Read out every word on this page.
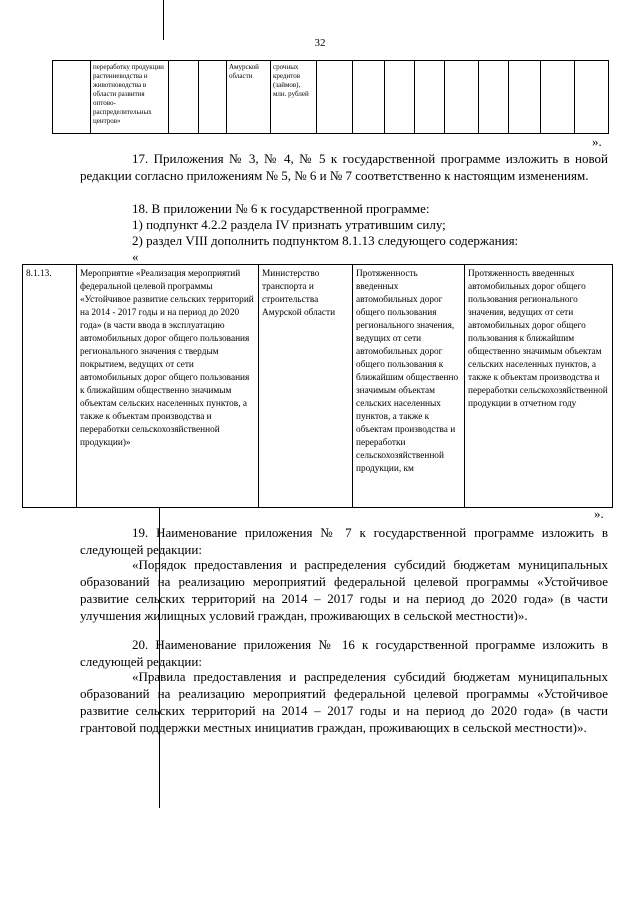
32
	переработку продукции растениеводства и животноводства в области развития оптово-распределительных центров»			Амурской области	срочных кредитов (займов), млн. рублей									
».
17. Приложения № 3, № 4, № 5 к государственной программе изложить в новой редакции согласно приложениям № 5, № 6 и № 7 соответственно к настоящим изменениям.
18. В приложении № 6 к государственной программе:
1) подпункт 4.2.2 раздела IV признать утратившим силу;
2) раздел VIII дополнить подпунктом 8.1.13 следующего содержания:
«
8.1.13.	Мероприятие «Реализация мероприятий федеральной целевой программы «Устойчивое развитие сельских территорий на 2014 - 2017 годы и на период до 2020 года» (в части ввода в эксплуатацию автомобильных дорог общего пользования регионального значения с твердым покрытием, ведущих от сети автомобильных дорог общего пользования к ближайшим общественно значимым объектам сельских населенных пунктов, а также к объектам производства и переработки сельскохозяйственной продукции)»	Министерство транспорта и строительства Амурской области	Протяженность введенных автомобильных дорог общего пользования регионального значения, ведущих от сети автомобильных дорог общего пользования к ближайшим общественно значимым объектам сельских населенных пунктов, а также к объектам производства и переработки сельскохозяйственной продукции, км	Протяженность введенных автомобильных дорог общего пользования регионального значения, ведущих от сети автомобильных дорог общего пользования к ближайшим общественно значимым объектам сельских населенных пунктов, а также к объектам производства и переработки сельскохозяйственной продукции в отчетном году
».
19. Наименование приложения № 7 к государственной программе изложить в следующей редакции:
«Порядок предоставления и распределения субсидий бюджетам муниципальных образований на реализацию мероприятий федеральной целевой программы «Устойчивое развитие сельских территорий на 2014 – 2017 годы и на период до 2020 года» (в части улучшения жилищных условий граждан, проживающих в сельской местности)».
20. Наименование приложения № 16 к государственной программе изложить в следующей редакции:
«Правила предоставления и распределения субсидий бюджетам муниципальных образований на реализацию мероприятий федеральной целевой программы «Устойчивое развитие сельских территорий на 2014 – 2017 годы и на период до 2020 года» (в части грантовой поддержки местных инициатив граждан, проживающих в сельской местности)».
